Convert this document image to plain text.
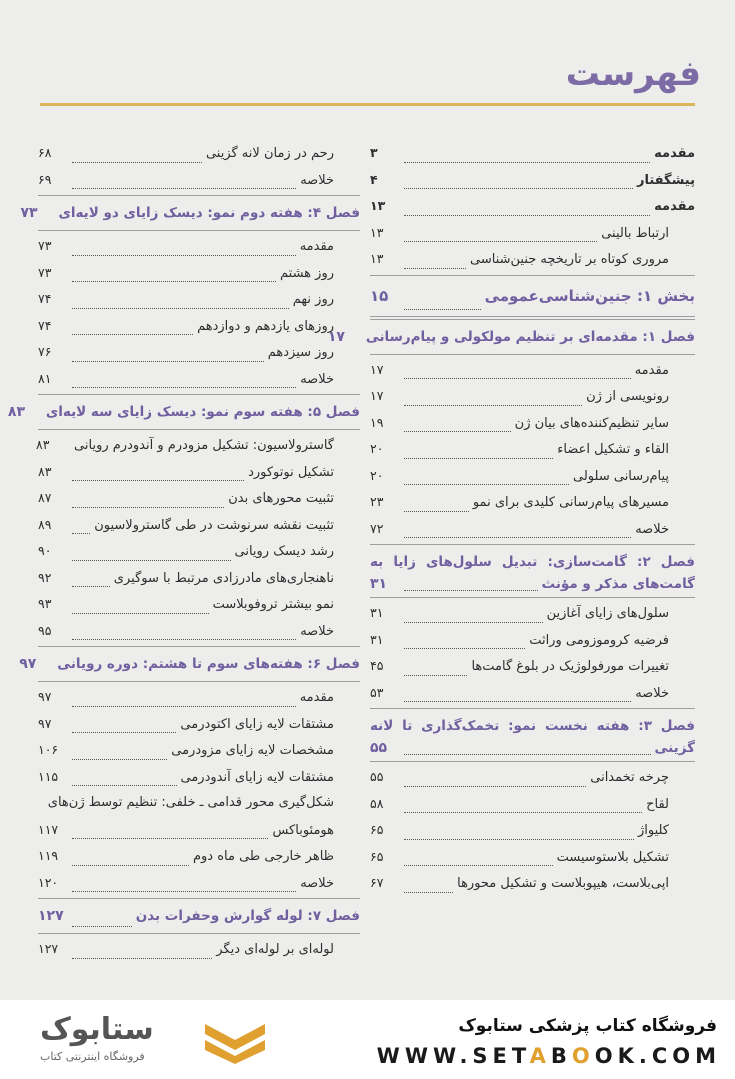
فهرست
مقدمه
۳
پیشگفتار
۴
مقدمه
۱۳
ارتباط بالینی
۱۳
مروری کوتاه بر تاریخچه جنین‌شناسی
۱۳
بخش ۱: جنین‌شناسی‌عمومی
۱۵
فصل ۱: مقدمه‌ای بر تنظیم مولکولی و پیام‌رسانی
۱۷
مقدمه
۱۷
رونویسی از ژن
۱۷
سایر تنظیم‌کننده‌های بیان ژن
۱۹
القاء و تشکیل اعضاء
۲۰
پیام‌رسانی سلولی
۲۰
مسیرهای پیام‌رسانی کلیدی برای نمو
۲۳
خلاصه
۷۲
فصل ۲: گامت‌سازی: تبدیل سلول‌های زایا به
گامت‌های مذکر و مؤنث
۳۱
سلول‌های زایای آغازین
۳۱
فرضیه کروموزومی وراثت
۳۱
تغییرات مورفولوژیک در بلوغ گامت‌ها
۴۵
خلاصه
۵۳
فصل ۳: هفته نخست نمو: تخمک‌گذاری تا لانه
گزینی
۵۵
چرخه تخمدانی
۵۵
لقاح
۵۸
کلیواژ
۶۵
تشکیل بلاستوسیست
۶۵
اپی‌بلاست، هیپوبلاست و تشکیل محورها
۶۷
رحم در زمان لانه گزینی
۶۸
خلاصه
۶۹
فصل ۴: هفته دوم نمو: دیسک زایای دو لایه‌ای
۷۳
مقدمه
۷۳
روز هشتم
۷۳
روز نهم
۷۴
روزهای یازدهم و دوازدهم
۷۴
روز سیزدهم
۷۶
خلاصه
۸۱
فصل ۵: هفته سوم نمو: دیسک زایای سه لایه‌ای
۸۳
گاسترولاسیون: تشکیل مزودرم و آندودرم رویانی
۸۳
تشکیل نوتوکورد
۸۳
تثبیت محورهای بدن
۸۷
تثبیت نقشه سرنوشت در طی گاسترولاسیون
۸۹
رشد دیسک رویانی
۹۰
ناهنجاری‌های مادرزادی مرتبط با سوگیری
۹۲
نمو بیشتر تروفوبلاست
۹۳
خلاصه
۹۵
فصل ۶: هفته‌های سوم تا هشتم: دوره رویانی
۹۷
مقدمه
۹۷
مشتقات لایه زایای اکتودرمی
۹۷
مشخصات لایه زایای مزودرمی
۱۰۶
مشتقات لایه زایای آندودرمی
۱۱۵
شکل‌گیری محور قدامی ـ خلفی: تنظیم توسط ژن‌های
هومئوباکس
۱۱۷
ظاهر خارجی طی ماه دوم
۱۱۹
خلاصه
۱۲۰
فصل ۷: لوله گوارش وحفرات بدن
۱۲۷
لوله‌ای بر لوله‌ای دیگر
۱۲۷
فروشگاه کتاب پزشکی ستابوک
WWW.SETABOOK.COM
ستابوک
فروشگاه اینترنتی کتاب
